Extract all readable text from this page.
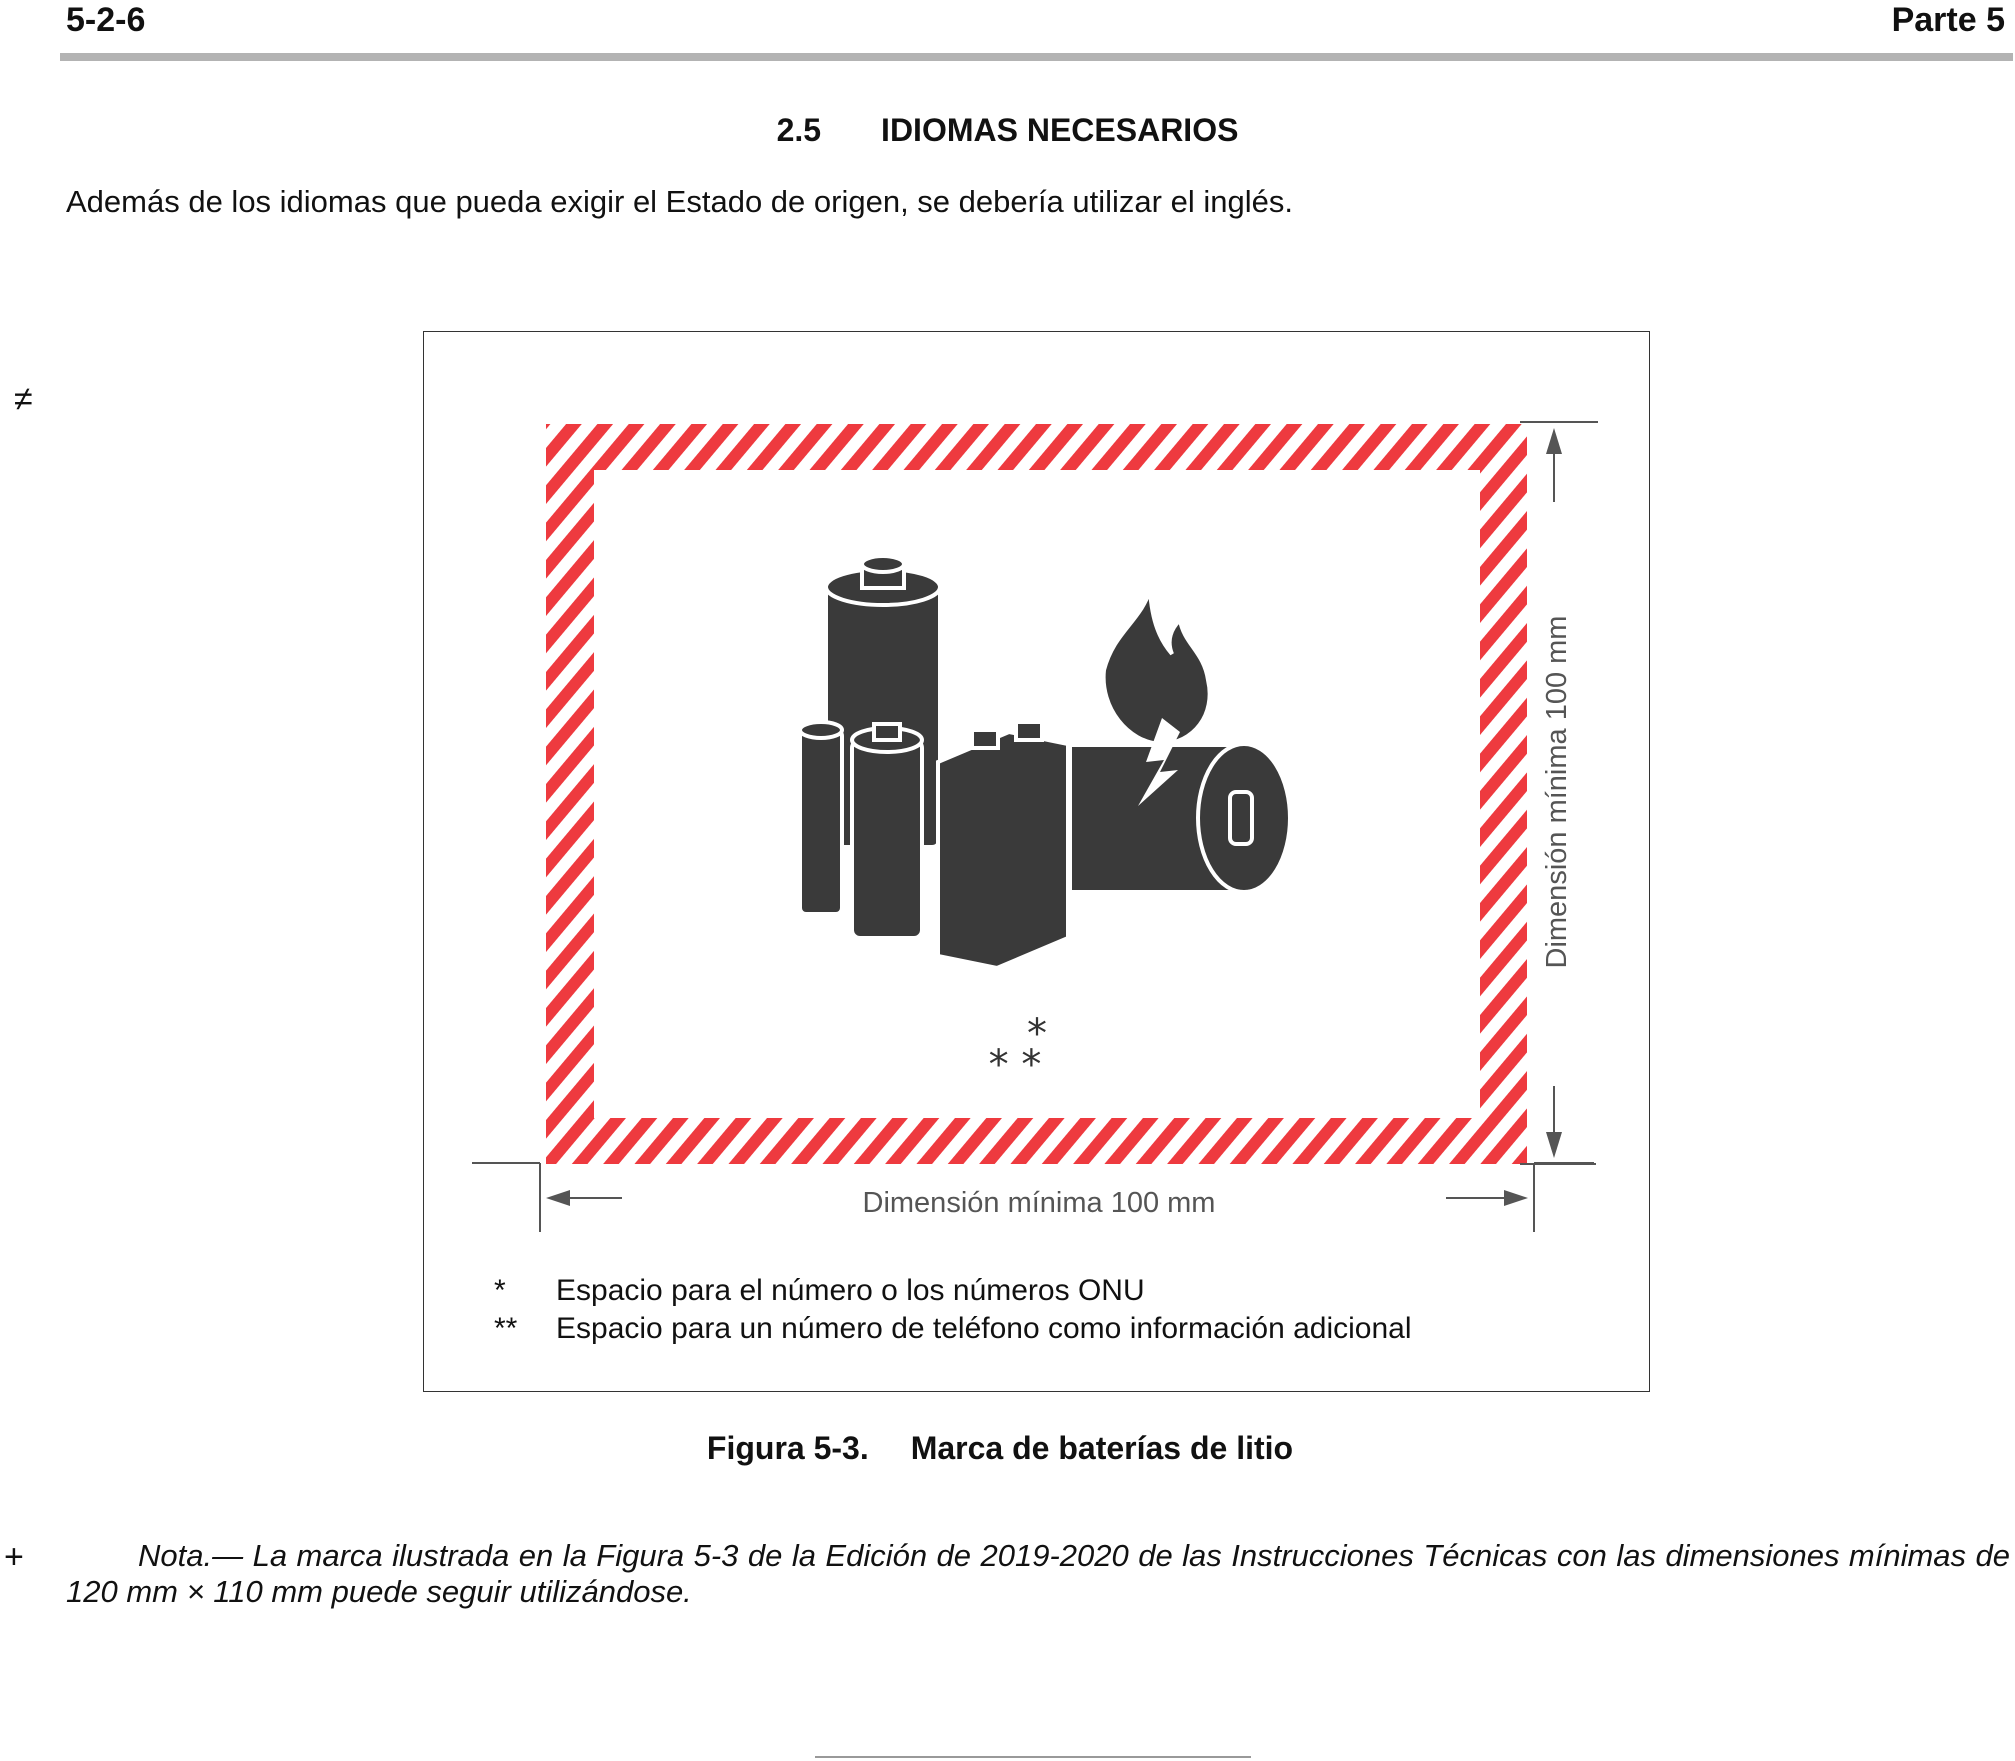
5-2-6	Parte 5
2.5 IDIOMAS NECESARIOS
Además de los idiomas que pueda exigir el Estado de origen, se debería utilizar el inglés.
≠
*
* *
Dimensión mínima 100 mm
Dimensión mínima 100 mm
*	Espacio para el número o los números ONU
**	Espacio para un número de teléfono como información adicional
Figura 5-3. Marca de baterías de litio
+	Nota.— La marca ilustrada en la Figura 5-3 de la Edición de 2019-2020 de las Instrucciones Técnicas con las dimensiones mínimas de 120 mm × 110 mm puede seguir utilizándose.
